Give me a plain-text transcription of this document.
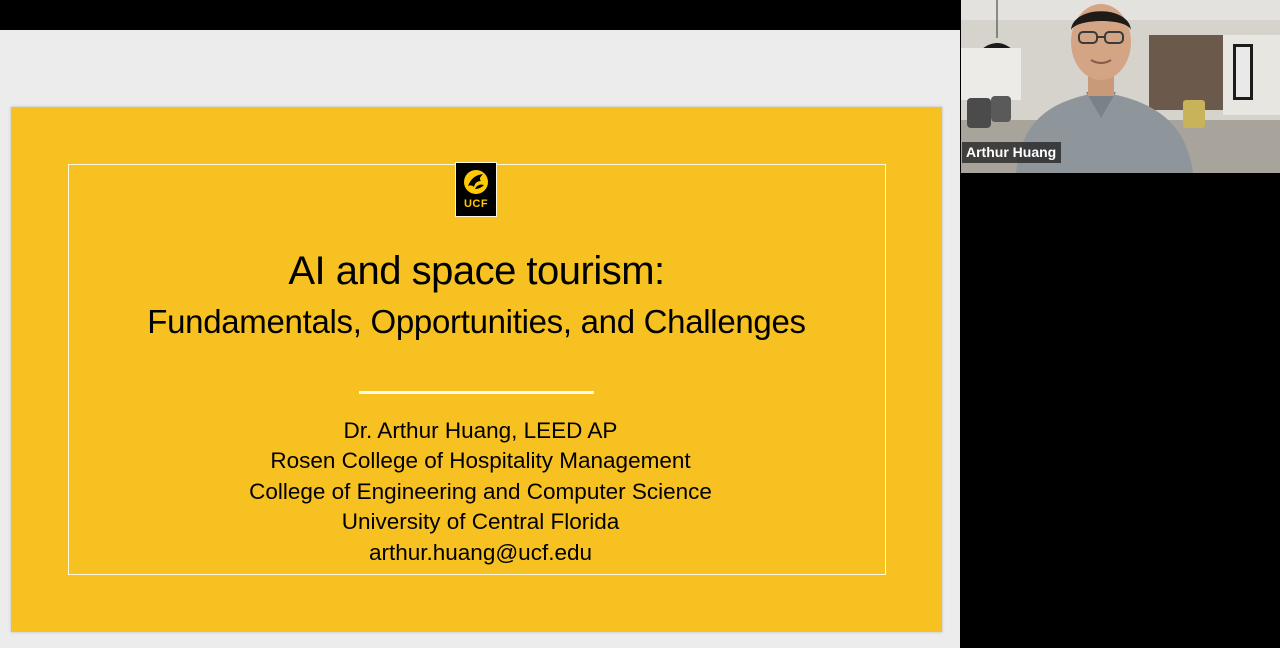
UCF
AI and space tourism:
Fundamentals, Opportunities, and Challenges
Dr. Arthur Huang, LEED AP
Rosen College of Hospitality Management
College of Engineering and Computer Science
University of Central Florida
arthur.huang@ucf.edu
Arthur Huang
